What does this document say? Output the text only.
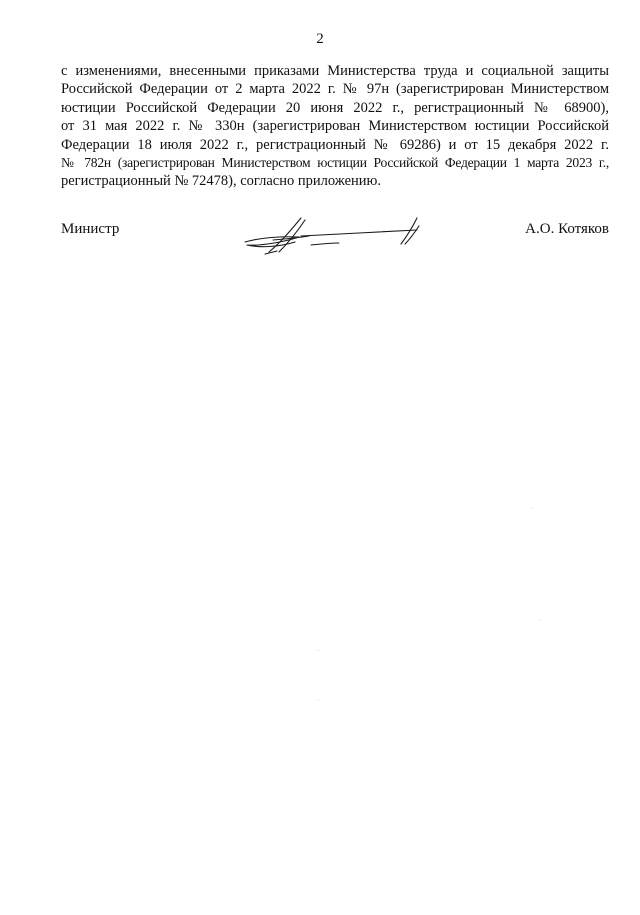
2
с изменениями, внесенными приказами Министерства труда и социальной защиты
Российской Федерации от 2 марта 2022 г. № 97н (зарегистрирован Министерством
юстиции Российской Федерации 20 июня 2022 г., регистрационный № 68900),
от 31 мая 2022 г. № 330н (зарегистрирован Министерством юстиции Российской
Федерации 18 июля 2022 г., регистрационный № 69286) и от 15 декабря 2022 г.
№ 782н (зарегистрирован Министерством юстиции Российской Федерации 1 марта 2023 г.,
регистрационный № 72478), согласно приложению.
Министр	А.О. Котяков
